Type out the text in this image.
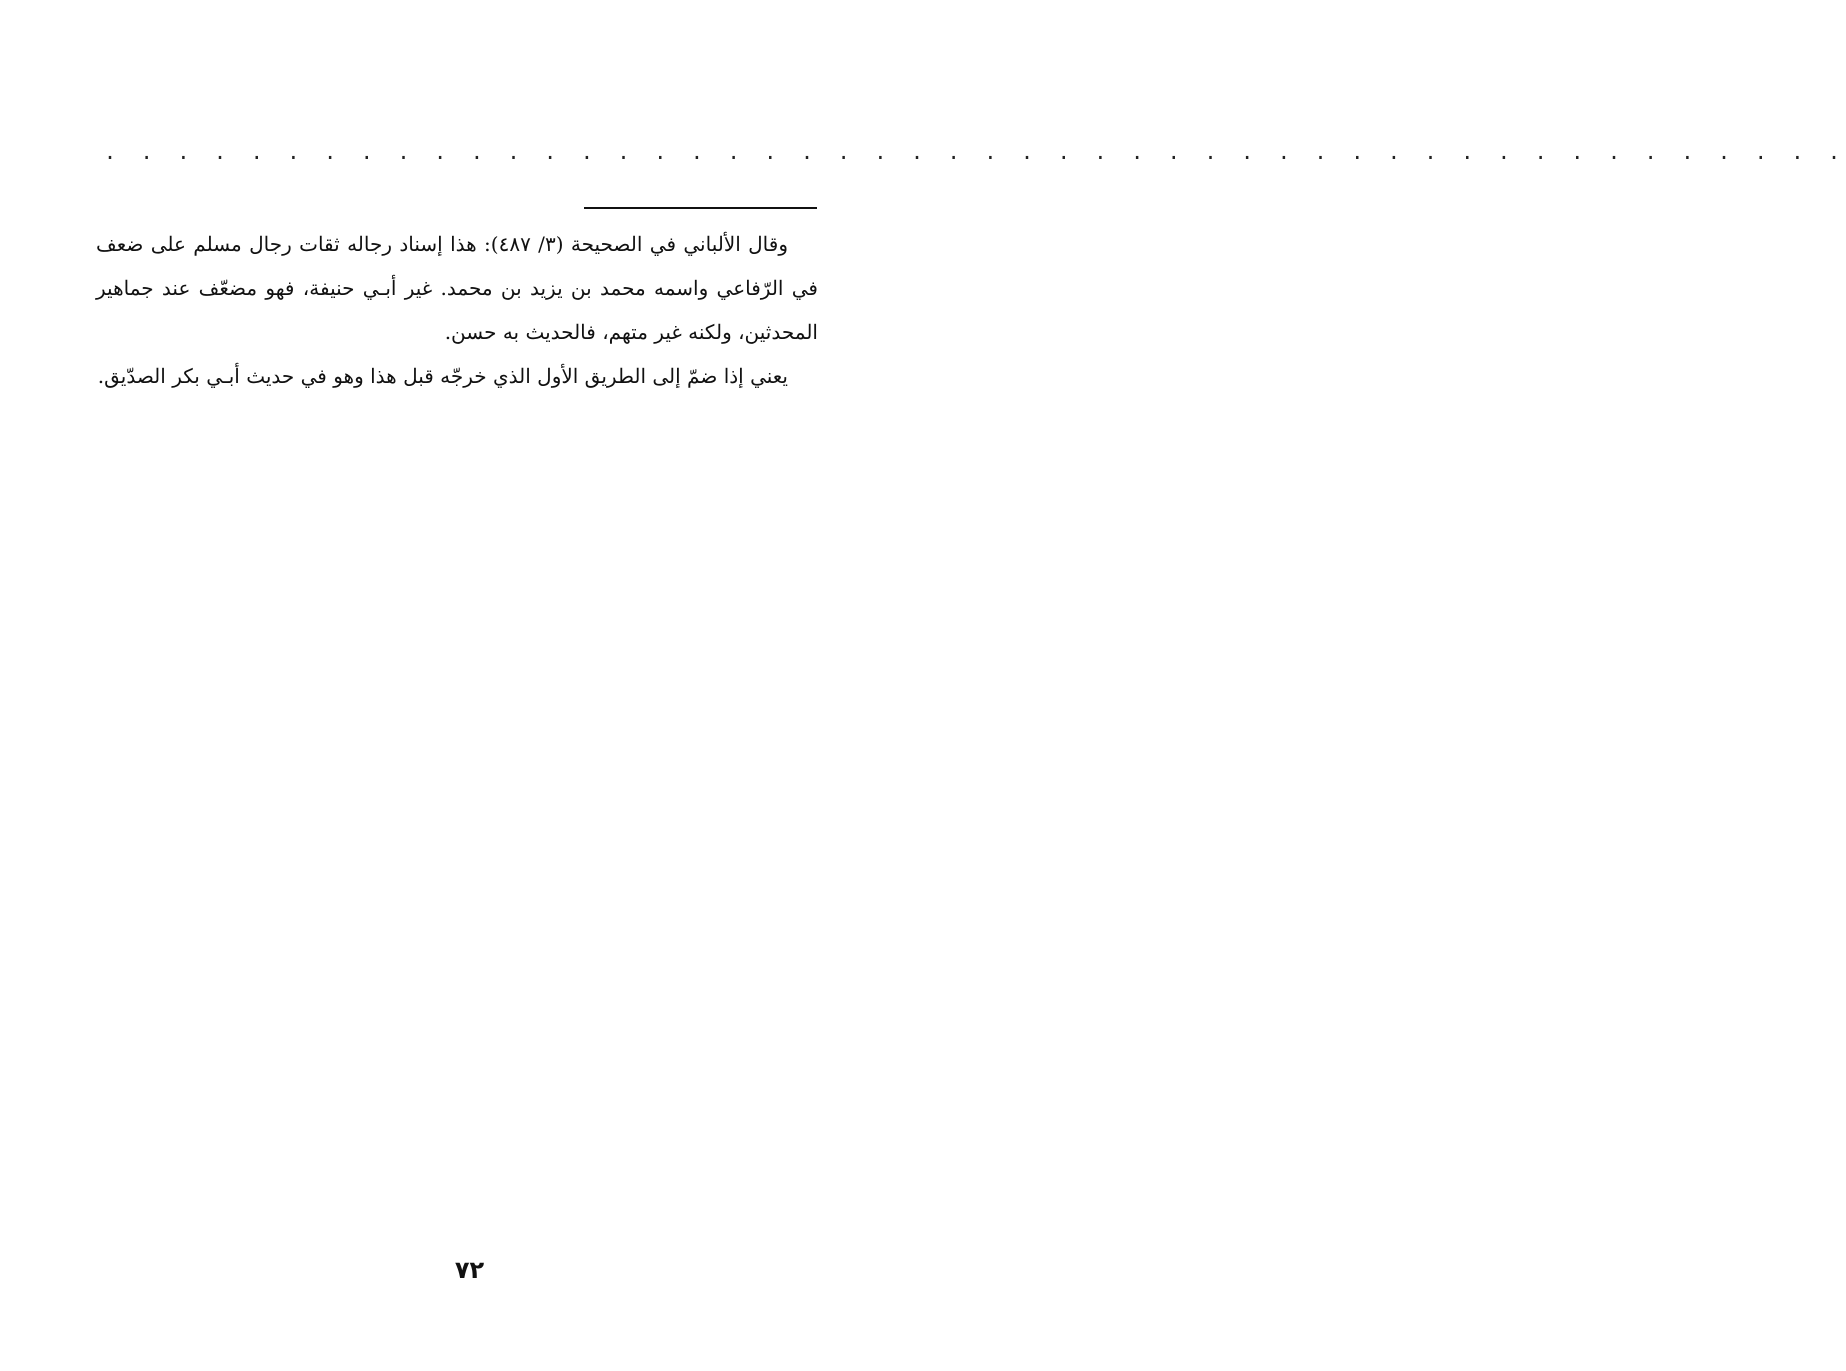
. . . . . . . . . . . . . . . . . . . . . . . . . . . . . . . . . . . . . . . . . . . . . . . .

وقال الألباني في الصحيحة (٣/ ٤٨٧): هذا إسناد رجاله ثقات رجال مسلم على ضعف في الرّفاعي واسمه محمد بن يزيد بن محمد. غير أبـي حنيفة، فهو مضعّف عند جماهير المحدثين، ولكنه غير متهم، فالحديث به حسن.

يعني إذا ضمّ إلى الطريق الأول الذي خرجّه قبل هذا وهو في حديث أبـي بكر الصدّيق.

٧٢
